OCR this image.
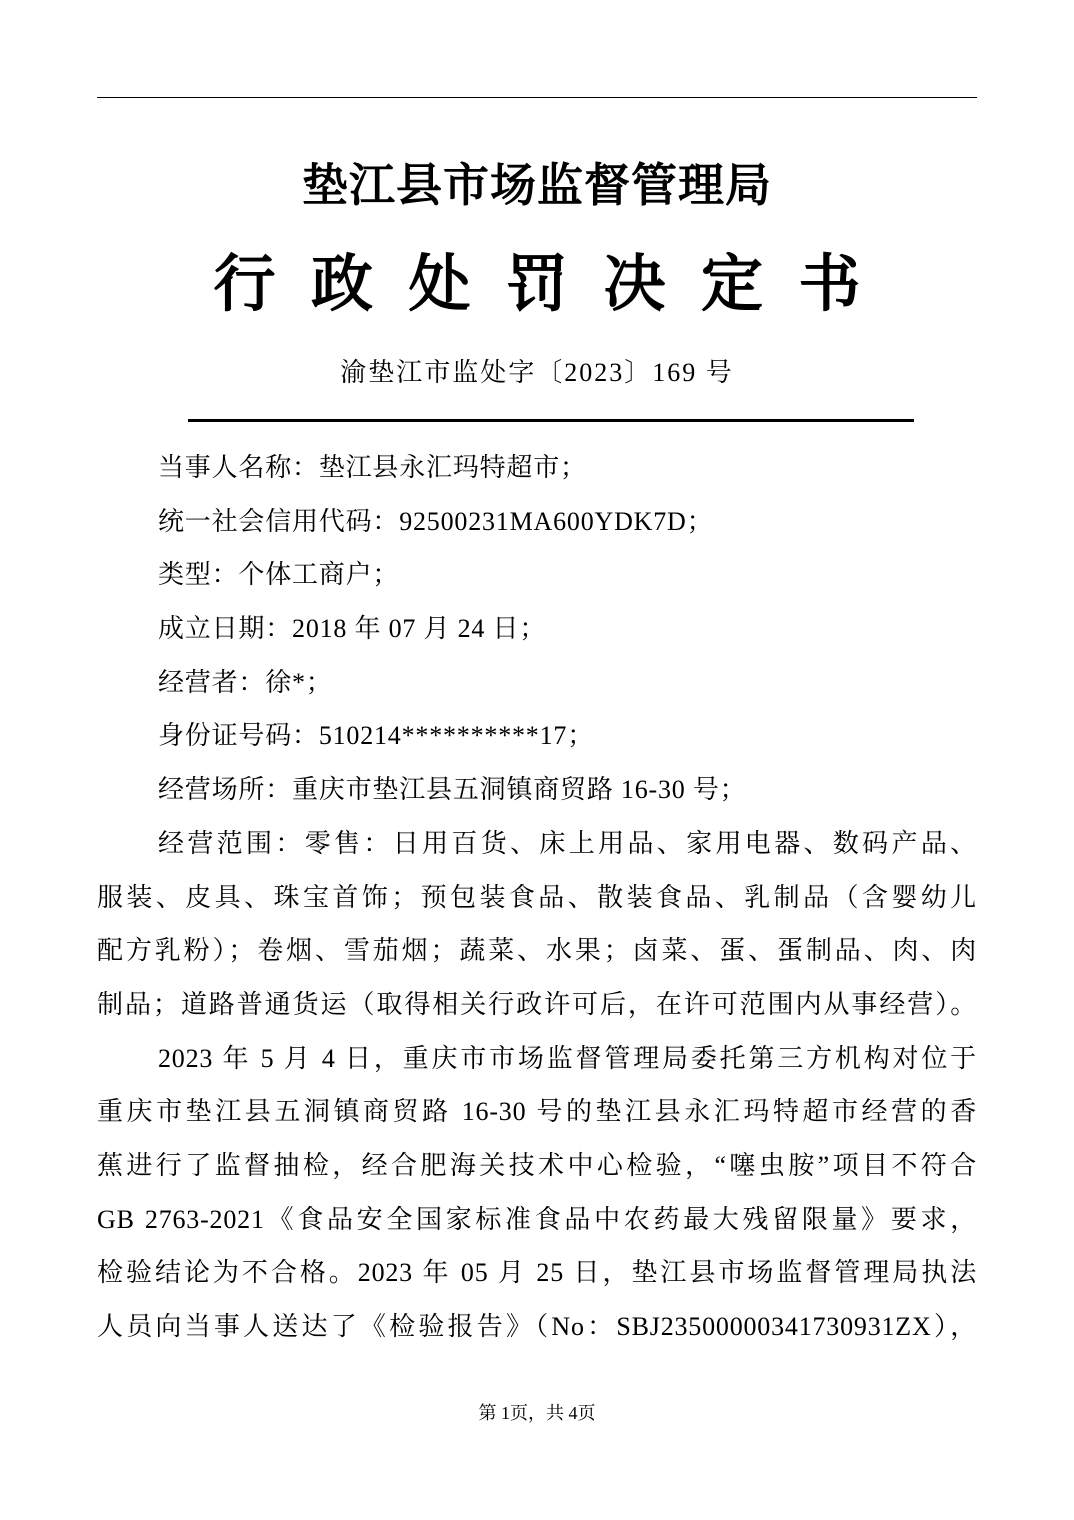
垫江县市场监督管理局
行 政 处 罚 决 定 书
渝垫江市监处字〔2023〕169 号
当事人名称：垫江县永汇玛特超市；
统一社会信用代码：92500231MA600YDK7D；
类型：个体工商户；
成立日期：2018 年 07 月 24 日；
经营者：徐*；
身份证号码：510214**********17；
经营场所：重庆市垫江县五洞镇商贸路 16-30 号；
经营范围：零售：日用百货、床上用品、家用电器、数码产品、
服装、皮具、珠宝首饰；预包装食品、散装食品、乳制品（含婴幼儿
配方乳粉）；卷烟、雪茄烟；蔬菜、水果；卤菜、蛋、蛋制品、肉、肉
制品；道路普通货运（取得相关行政许可后，在许可范围内从事经营）。
2023 年 5 月 4 日，重庆市市场监督管理局委托第三方机构对位于
重庆市垫江县五洞镇商贸路 16-30 号的垫江县永汇玛特超市经营的香
蕉进行了监督抽检，经合肥海关技术中心检验，“噻虫胺”项目不符合
GB 2763-2021《食品安全国家标准食品中农药最大残留限量》要求，
检验结论为不合格。2023 年 05 月 25 日，垫江县市场监督管理局执法
人员向当事人送达了《检验报告》（No：SBJ23500000341730931ZX），
第 1页，共 4页
